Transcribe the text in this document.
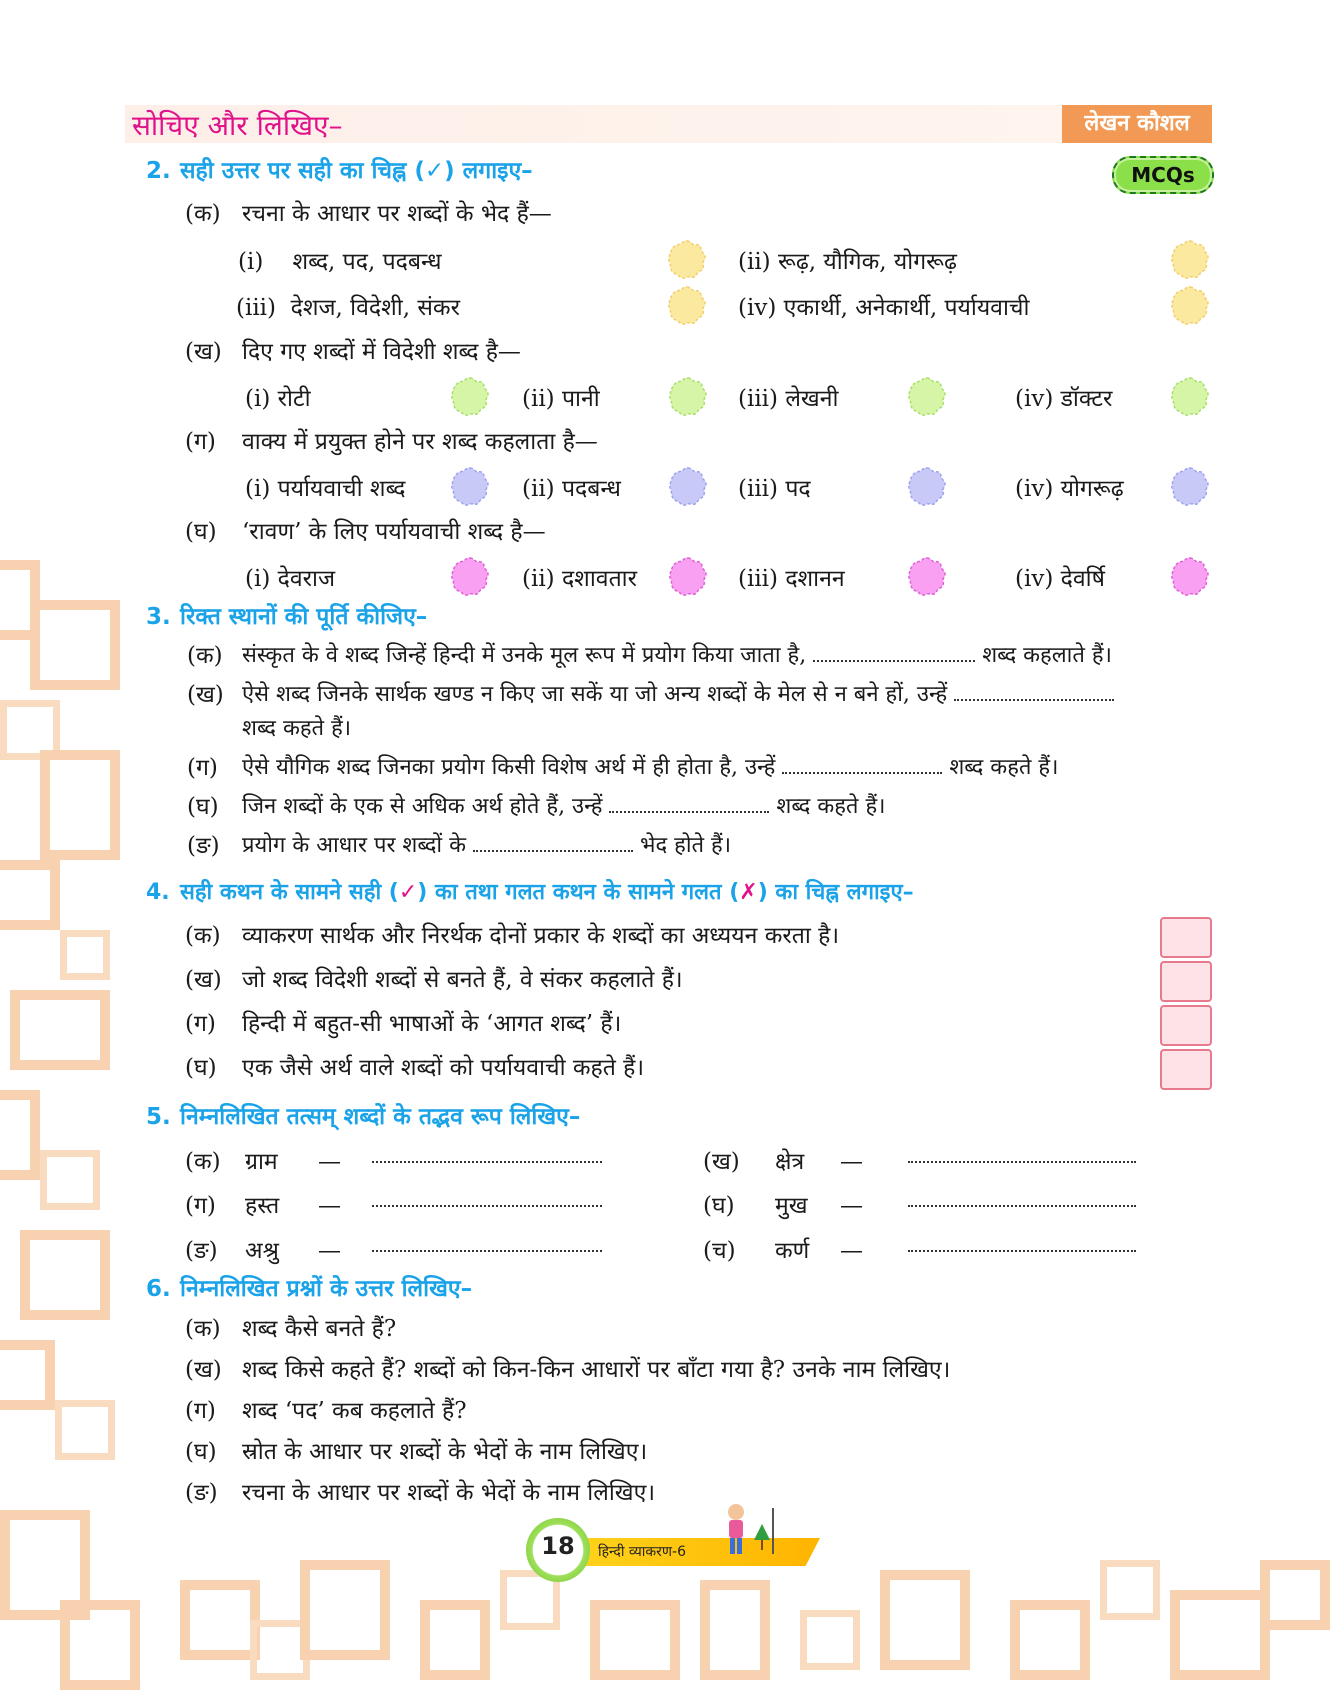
सोचिए और लिखिए–	लेखन कौशल
2. सही उत्तर पर सही का चिह्न (✓) लगाइए–	MCQs
(क) रचना के आधार पर शब्दों के भेद हैं—
(i)    शब्द, पद, पदबन्ध	(ii) रूढ़, यौगिक, योगरूढ़
(iii)  देशज, विदेशी, संकर	(iv) एकार्थी, अनेकार्थी, पर्यायवाची
(ख) दिए गए शब्दों में विदेशी शब्द है—
(i) रोटी	(ii) पानी	(iii) लेखनी	(iv) डॉक्टर
(ग) वाक्य में प्रयुक्त होने पर शब्द कहलाता है—
(i) पर्यायवाची शब्द	(ii) पदबन्ध	(iii) पद	(iv) योगरूढ़
(घ) ‘रावण’ के लिए पर्यायवाची शब्द है—
(i) देवराज	(ii) दशावतार	(iii) दशानन	(iv) देवर्षि
3. रिक्त स्थानों की पूर्ति कीजिए–
(क) संस्कृत के वे शब्द जिन्हें हिन्दी में उनके मूल रूप में प्रयोग किया जाता है,	शब्द कहलाते हैं।
(ख) ऐसे शब्द जिनके सार्थक खण्ड न किए जा सकें या जो अन्य शब्दों के मेल से न बने हों, उन्हें
शब्द कहते हैं।
(ग) ऐसे यौगिक शब्द जिनका प्रयोग किसी विशेष अर्थ में ही होता है, उन्हें	शब्द कहते हैं।
(घ) जिन शब्दों के एक से अधिक अर्थ होते हैं, उन्हें	शब्द कहते हैं।
(ङ) प्रयोग के आधार पर शब्दों के	भेद होते हैं।
4. सही कथन के सामने सही (✓) का तथा गलत कथन के सामने गलत (✗) का चिह्न लगाइए–
(क) व्याकरण सार्थक और निरर्थक दोनों प्रकार के शब्दों का अध्ययन करता है।
(ख) जो शब्द विदेशी शब्दों से बनते हैं, वे संकर कहलाते हैं।
(ग) हिन्दी में बहुत-सी भाषाओं के ‘आगत शब्द’ हैं।
(घ) एक जैसे अर्थ वाले शब्दों को पर्यायवाची कहते हैं।
5. निम्नलिखित तत्सम् शब्दों के तद्भव रूप लिखिए–
(क) ग्राम —	(ख) क्षेत्र —
(ग) हस्त —	(घ) मुख —
(ङ) अश्रु —	(च) कर्ण —
6. निम्नलिखित प्रश्नों के उत्तर लिखिए–
(क) शब्द कैसे बनते हैं?
(ख) शब्द किसे कहते हैं? शब्दों को किन-किन आधारों पर बाँटा गया है? उनके नाम लिखिए।
(ग) शब्द ‘पद’ कब कहलाते हैं?
(घ) स्रोत के आधार पर शब्दों के भेदों के नाम लिखिए।
(ङ) रचना के आधार पर शब्दों के भेदों के नाम लिखिए।
हिन्दी व्याकरण-6
18
